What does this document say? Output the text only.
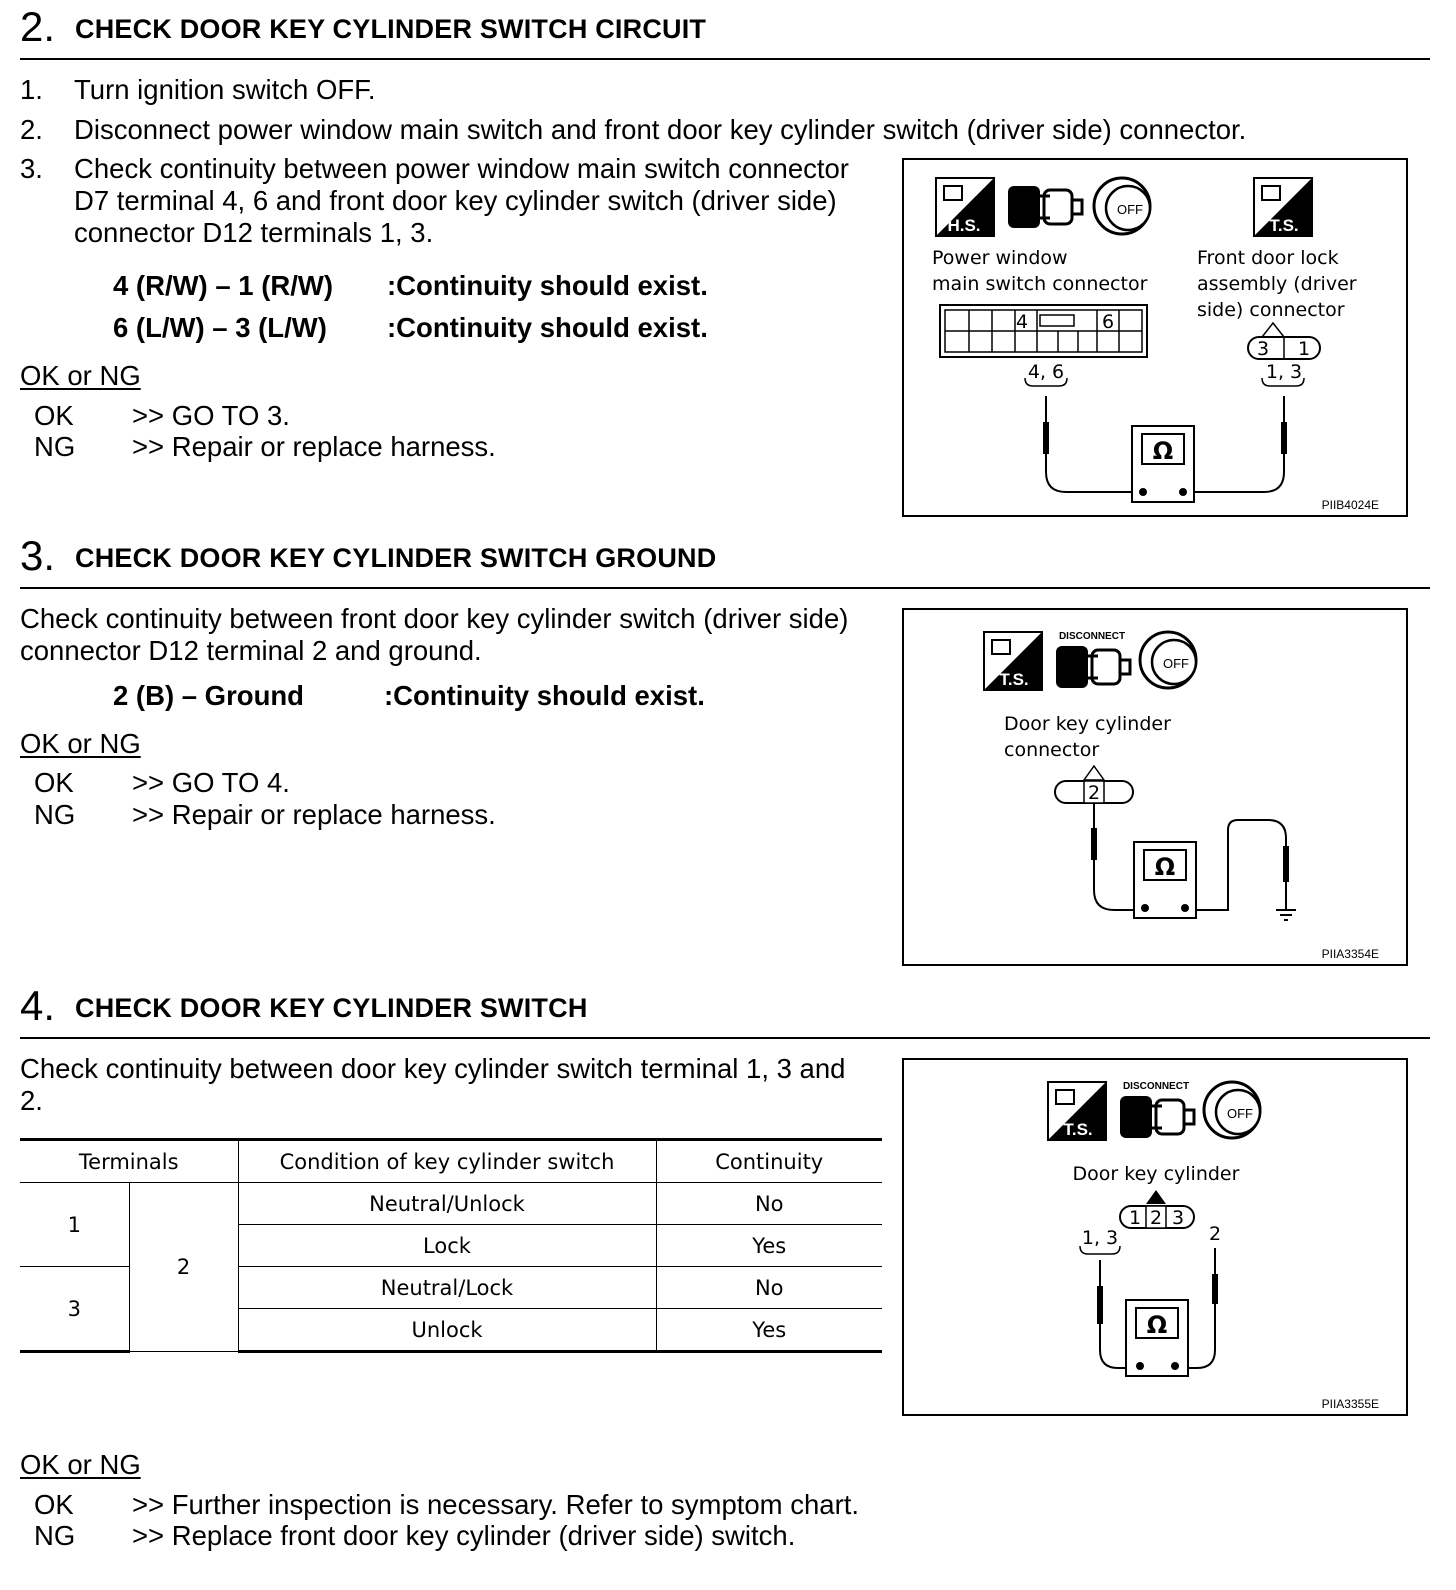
2. CHECK DOOR KEY CYLINDER SWITCH CIRCUIT
1. Turn ignition switch OFF.
2. Disconnect power window main switch and front door key cylinder switch (driver side) connector.
3. Check continuity between power window main switch connector
D7 terminal 4, 6 and front door key cylinder switch (driver side)
connector D12 terminals 1, 3.
4 (R/W) – 1 (R/W) :Continuity should exist.
6 (L/W) – 3 (L/W) :Continuity should exist.
OK or NG
OK >> GO TO 3.
NG >> Repair or replace harness.
H.S.
OFF
T.S.
Power window
main switch connector
Front door lock
assembly (driver
side) connector
4	6
4, 6
3 1
1, 3
Ω
PIIB4024E
3. CHECK DOOR KEY CYLINDER SWITCH GROUND
Check continuity between front door key cylinder switch (driver side)
connector D12 terminal 2 and ground.
2 (B) – Ground	:Continuity should exist.
OK or NG
OK >> GO TO 4.
NG >> Repair or replace harness.
T.S.
DISCONNECT
OFF
Door key cylinder
connector
2
Ω
PIIA3354E
4. CHECK DOOR KEY CYLINDER SWITCH
Check continuity between door key cylinder switch terminal 1, 3 and
2.
Terminals		Condition of key cylinder switch	Continuity
1	2	Neutral/Unlock	No
		Lock	Yes
3		Neutral/Lock	No
		Unlock	Yes
T.S.
DISCONNECT
OFF
Door key cylinder
1 2 3
1, 3	2
Ω
PIIA3355E
OK or NG
OK >> Further inspection is necessary. Refer to symptom chart.
NG >> Replace front door key cylinder (driver side) switch.
